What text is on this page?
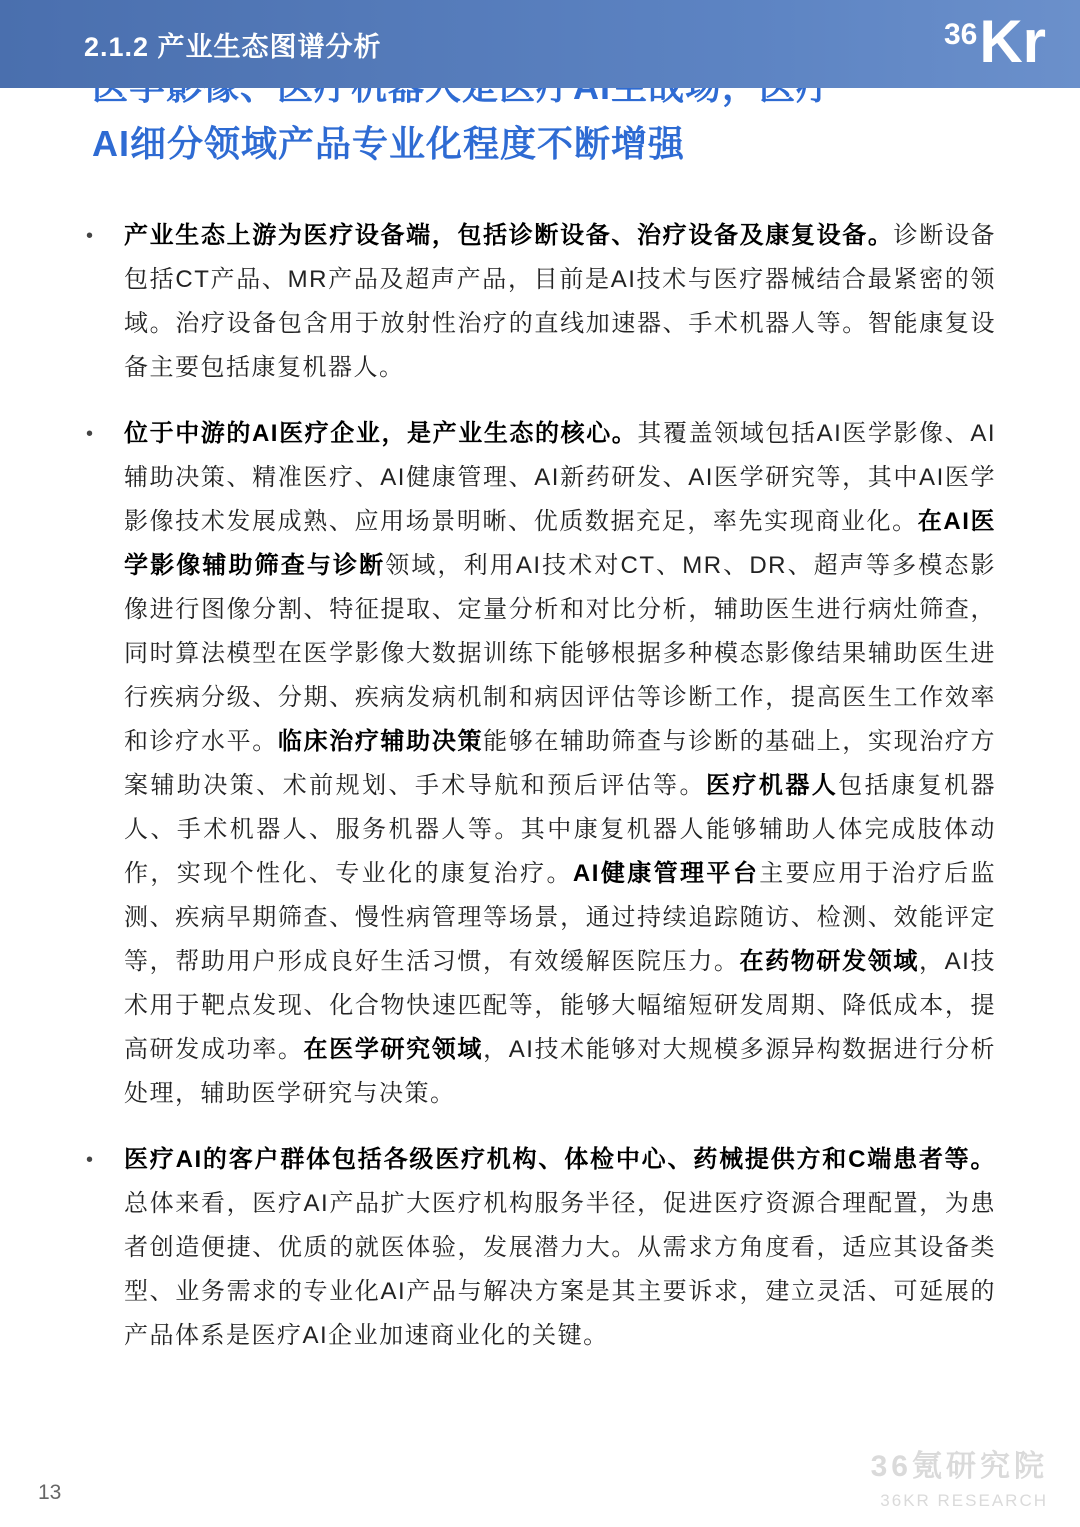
2.1.2 产业生态图谱分析	36 Kr
AI细分领域产品专业化程度不断增强
• 产业生态上游为医疗设备端，包括诊断设备、治疗设备及康复设备。诊断设备包括CT产品、MR产品及超声产品，目前是AI技术与医疗器械结合最紧密的领域。治疗设备包含用于放射性治疗的直线加速器、手术机器人等。智能康复设备主要包括康复机器人。
• 位于中游的AI医疗企业，是产业生态的核心。其覆盖领域包括AI医学影像、AI辅助决策、精准医疗、AI健康管理、AI新药研发、AI医学研究等，其中AI医学影像技术发展成熟、应用场景明晰、优质数据充足，率先实现商业化。在AI医学影像辅助筛查与诊断领域，利用AI技术对CT、MR、DR、超声等多模态影像进行图像分割、特征提取、定量分析和对比分析，辅助医生进行病灶筛查，同时算法模型在医学影像大数据训练下能够根据多种模态影像结果辅助医生进行疾病分级、分期、疾病发病机制和病因评估等诊断工作，提高医生工作效率和诊疗水平。临床治疗辅助决策能够在辅助筛查与诊断的基础上，实现治疗方案辅助决策、术前规划、手术导航和预后评估等。医疗机器人包括康复机器人、手术机器人、服务机器人等。其中康复机器人能够辅助人体完成肢体动作，实现个性化、专业化的康复治疗。AI健康管理平台主要应用于治疗后监测、疾病早期筛查、慢性病管理等场景，通过持续追踪随访、检测、效能评定等，帮助用户形成良好生活习惯，有效缓解医院压力。在药物研发领域，AI技术用于靶点发现、化合物快速匹配等，能够大幅缩短研发周期、降低成本，提高研发成功率。在医学研究领域，AI技术能够对大规模多源异构数据进行分析处理，辅助医学研究与决策。
• 医疗AI的客户群体包括各级医疗机构、体检中心、药械提供方和C端患者等。总体来看，医疗AI产品扩大医疗机构服务半径，促进医疗资源合理配置，为患者创造便捷、优质的就医体验，发展潜力大。从需求方角度看，适应其设备类型、业务需求的专业化AI产品与解决方案是其主要诉求，建立灵活、可延展的产品体系是医疗AI企业加速商业化的关键。
13
36氪研究院
36KR RESEARCH
